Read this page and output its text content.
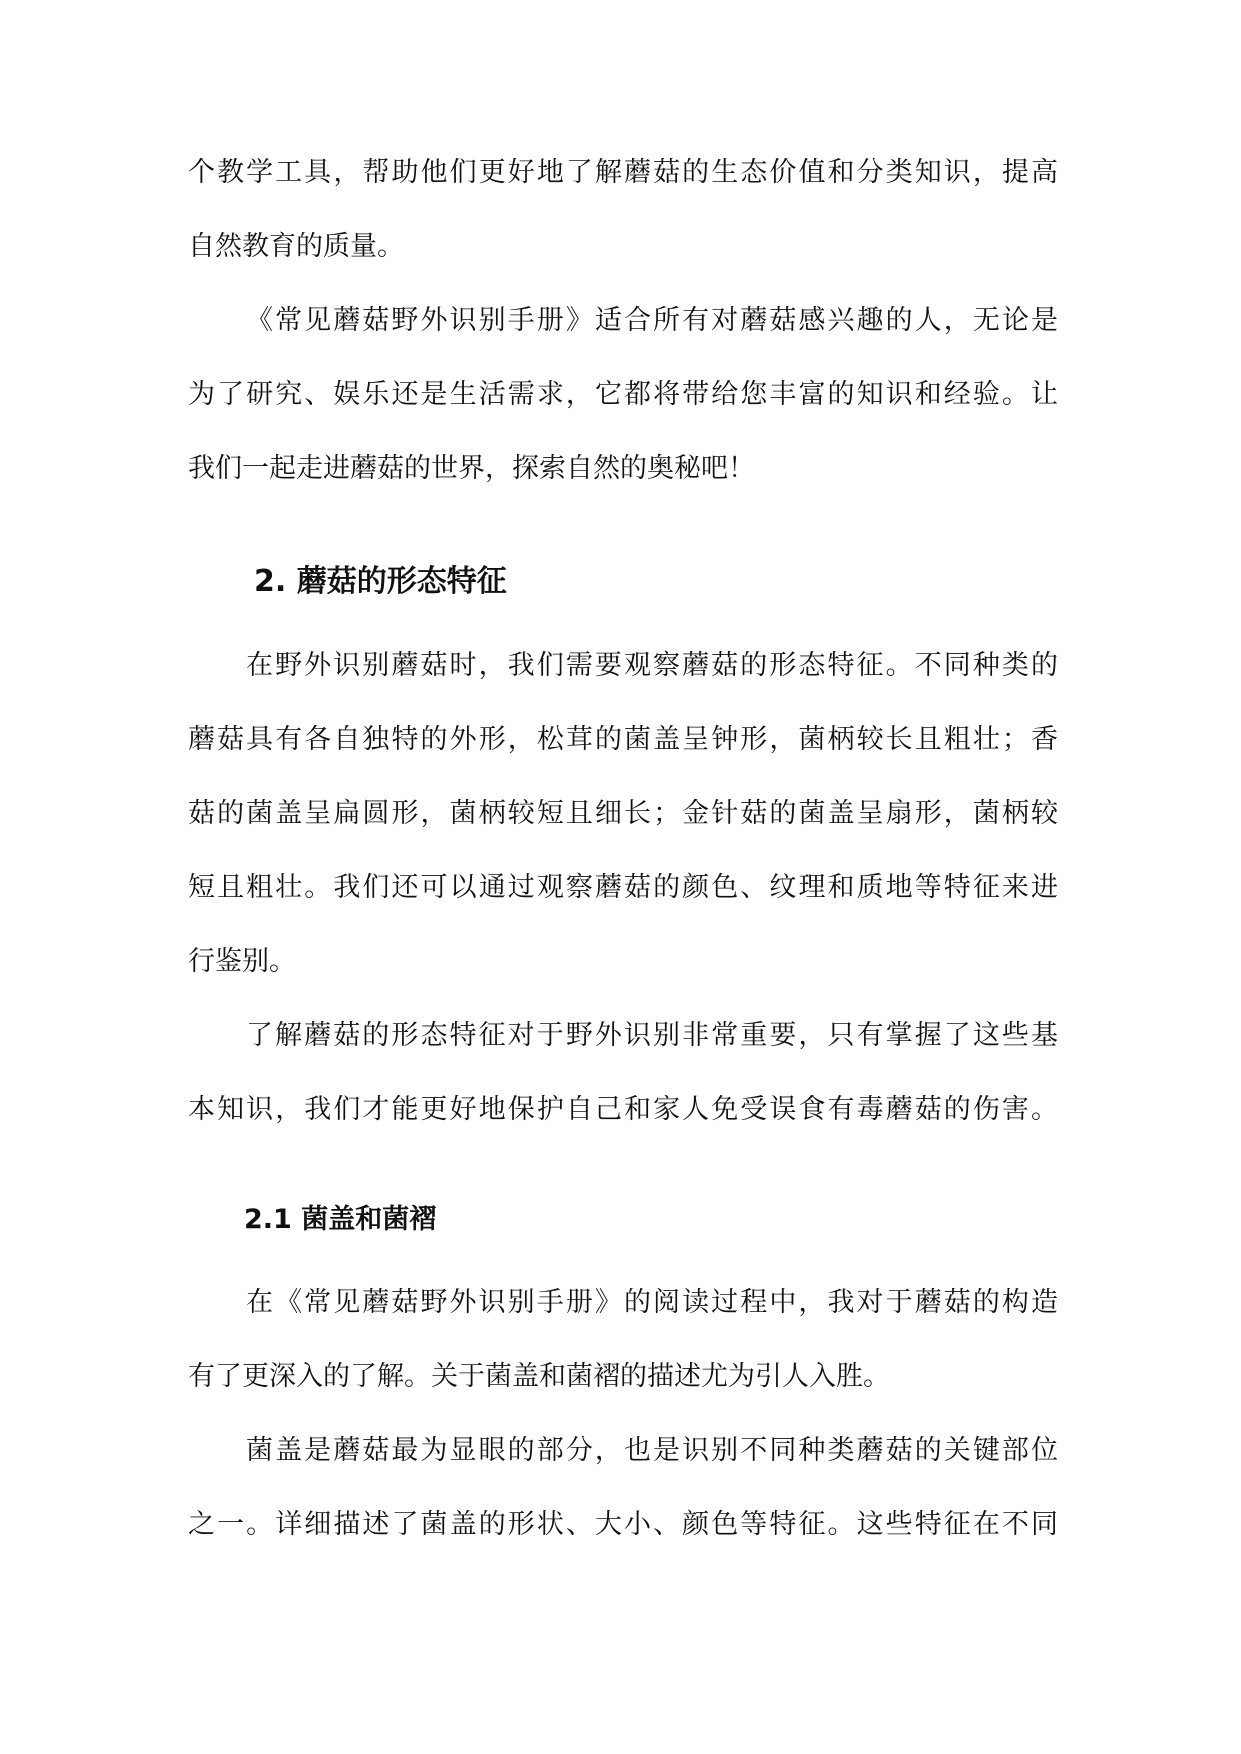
个教学工具，帮助他们更好地了解蘑菇的生态价值和分类知识，提高
自然教育的质量。
《常见蘑菇野外识别手册》适合所有对蘑菇感兴趣的人，无论是
为了研究、娱乐还是生活需求，它都将带给您丰富的知识和经验。让
我们一起走进蘑菇的世界，探索自然的奥秘吧！
2. 蘑菇的形态特征
在野外识别蘑菇时，我们需要观察蘑菇的形态特征。不同种类的
蘑菇具有各自独特的外形，松茸的菌盖呈钟形，菌柄较长且粗壮；香
菇的菌盖呈扁圆形，菌柄较短且细长；金针菇的菌盖呈扇形，菌柄较
短且粗壮。我们还可以通过观察蘑菇的颜色、纹理和质地等特征来进
行鉴别。
了解蘑菇的形态特征对于野外识别非常重要，只有掌握了这些基
本知识，我们才能更好地保护自己和家人免受误食有毒蘑菇的伤害。
2.1 菌盖和菌褶
在《常见蘑菇野外识别手册》的阅读过程中，我对于蘑菇的构造
有了更深入的了解。关于菌盖和菌褶的描述尤为引人入胜。
菌盖是蘑菇最为显眼的部分，也是识别不同种类蘑菇的关键部位
之一。详细描述了菌盖的形状、大小、颜色等特征。这些特征在不同
